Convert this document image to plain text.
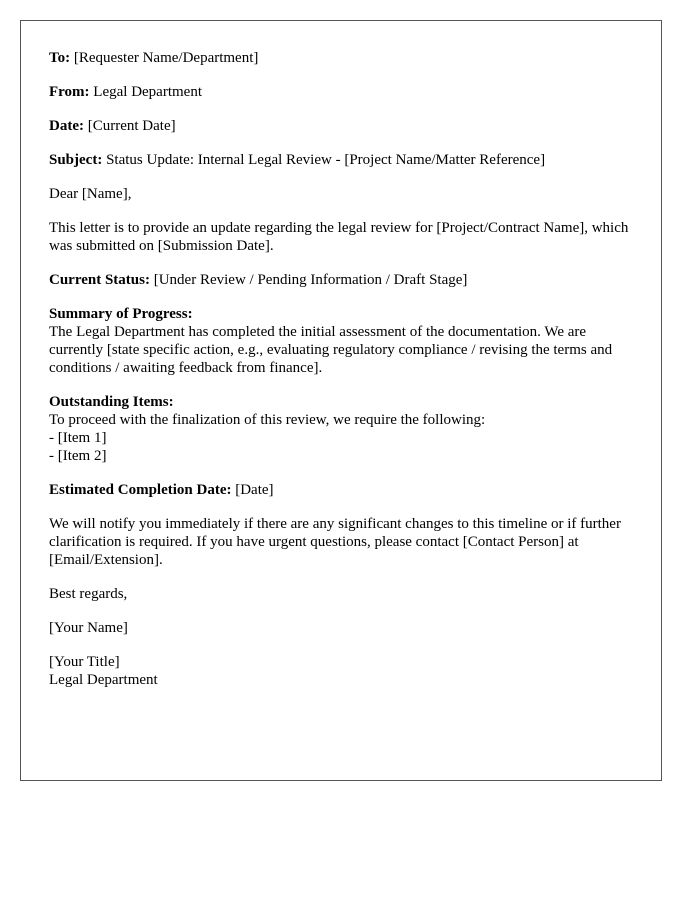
To: [Requester Name/Department]

From: Legal Department

Date: [Current Date]

Subject: Status Update: Internal Legal Review - [Project Name/Matter Reference]

Dear [Name],

This letter is to provide an update regarding the legal review for [Project/Contract Name], which was submitted on [Submission Date].

Current Status: [Under Review / Pending Information / Draft Stage]

Summary of Progress:
The Legal Department has completed the initial assessment of the documentation. We are currently [state specific action, e.g., evaluating regulatory compliance / revising the terms and conditions / awaiting feedback from finance].

Outstanding Items:
To proceed with the finalization of this review, we require the following:
- [Item 1]
- [Item 2]

Estimated Completion Date: [Date]

We will notify you immediately if there are any significant changes to this timeline or if further clarification is required. If you have urgent questions, please contact [Contact Person] at [Email/Extension].

Best regards,

[Your Name]

[Your Title]
Legal Department
